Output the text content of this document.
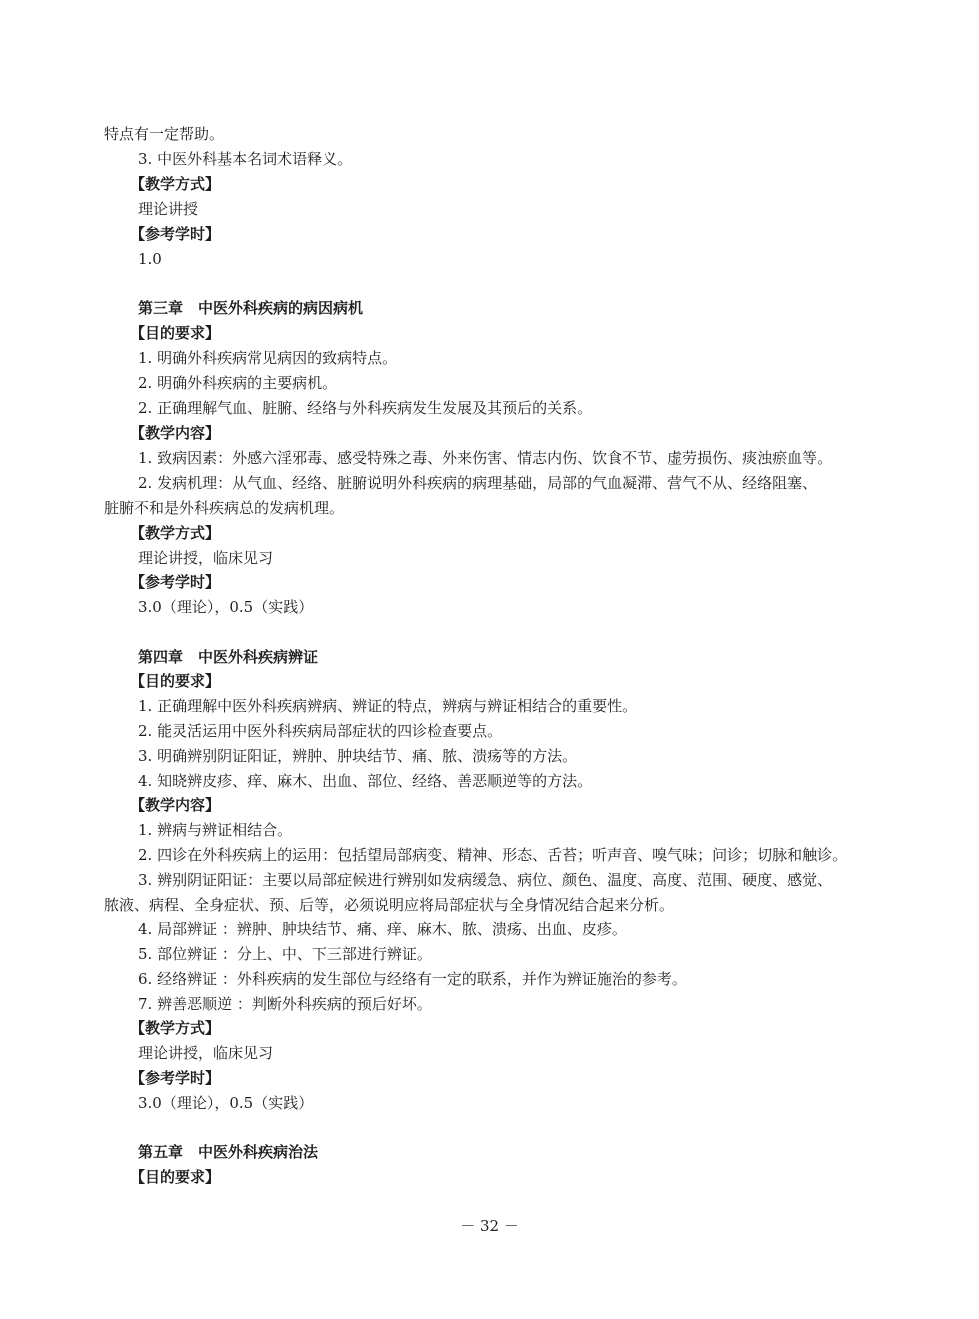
特点有一定帮助。
3. 中医外科基本名词术语释义。
【教学方式】
理论讲授
【参考学时】
1.0
第三章　中医外科疾病的病因病机
【目的要求】
1. 明确外科疾病常见病因的致病特点。
2. 明确外科疾病的主要病机。
2. 正确理解气血、脏腑、经络与外科疾病发生发展及其预后的关系。
【教学内容】
1. 致病因素：外感六淫邪毒、感受特殊之毒、外来伤害、情志内伤、饮食不节、虚劳损伤、痰浊瘀血等。
2. 发病机理：从气血、经络、脏腑说明外科疾病的病理基础，局部的气血凝滞、营气不从、经络阻塞、
脏腑不和是外科疾病总的发病机理。
【教学方式】
理论讲授，临床见习
【参考学时】
3.0（理论），0.5（实践）
第四章　中医外科疾病辨证
【目的要求】
1. 正确理解中医外科疾病辨病、辨证的特点，辨病与辨证相结合的重要性。
2. 能灵活运用中医外科疾病局部症状的四诊检查要点。
3. 明确辨别阴证阳证，辨肿、肿块结节、痛、脓、溃疡等的方法。
4. 知晓辨皮疹、痒、麻木、出血、部位、经络、善恶顺逆等的方法。
【教学内容】
1. 辨病与辨证相结合。
2. 四诊在外科疾病上的运用：包括望局部病变、精神、形态、舌苔；听声音、嗅气味；问诊；切脉和触诊。
3. 辨别阴证阳证：主要以局部症候进行辨别如发病缓急、病位、颜色、温度、高度、范围、硬度、感觉、
脓液、病程、全身症状、预、后等，必须说明应将局部症状与全身情况结合起来分析。
4. 局部辨证 ：辨肿、肿块结节、痛、痒、麻木、脓、溃疡、出血、皮疹。
5. 部位辨证 ：分上、中、下三部进行辨证。
6. 经络辨证 ：外科疾病的发生部位与经络有一定的联系，并作为辨证施治的参考。
7. 辨善恶顺逆 ：判断外科疾病的预后好坏。
【教学方式】
理论讲授，临床见习
【参考学时】
3.0（理论），0.5（实践）
第五章　中医外科疾病治法
【目的要求】
－ 32 －
